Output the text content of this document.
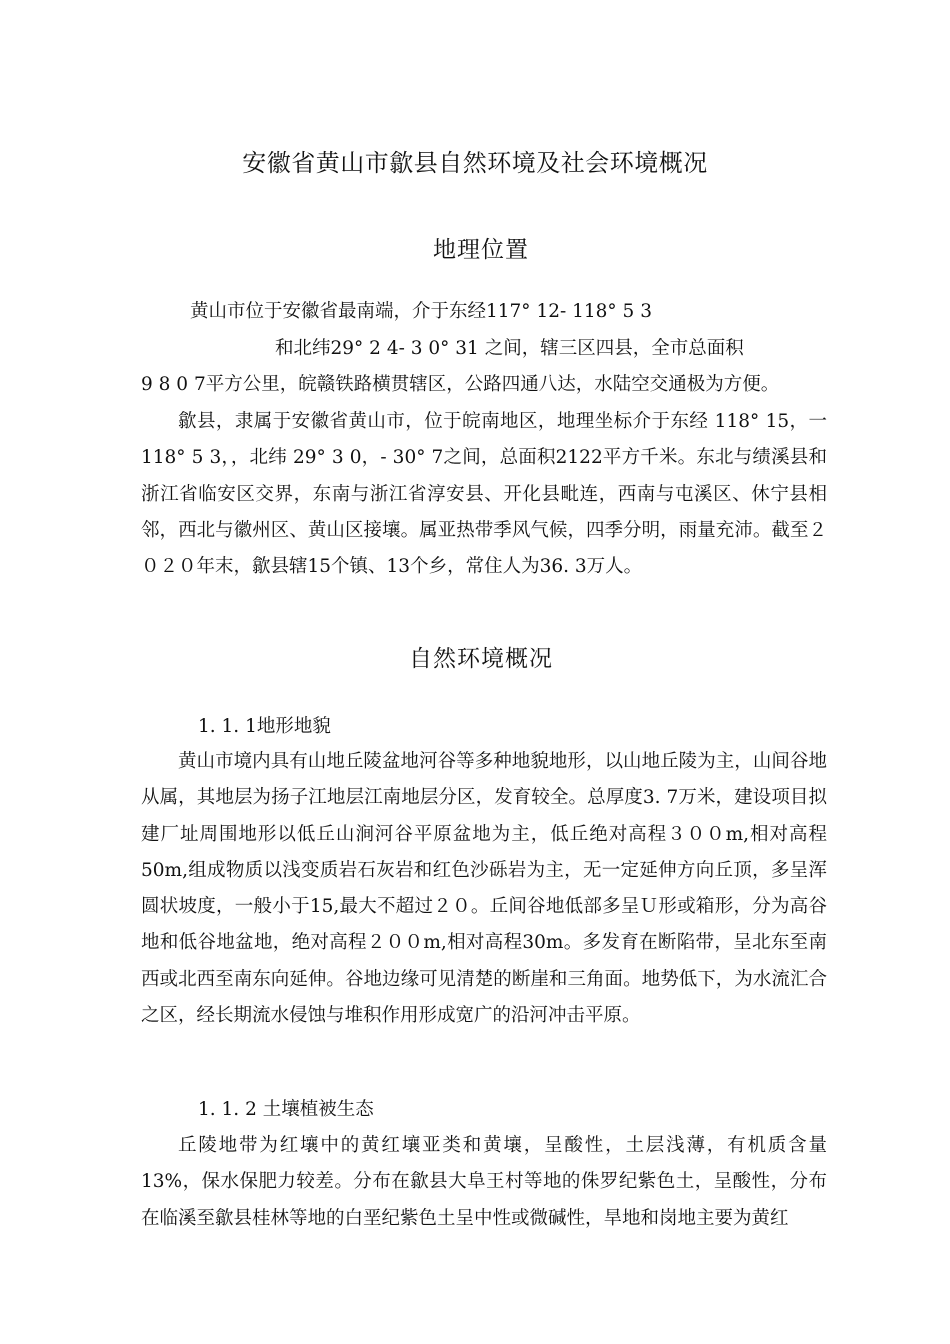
安徽省黄山市歙县自然环境及社会环境概况
地理位置
黄山市位于安徽省最南端，介于东经117° 12- 118° 5 3
和北纬29° 2 4- 3 0° 31 之间，辖三区四县，全市总面积
9 8 0 7平方公里，皖赣铁路横贯辖区，公路四通八达，水陆空交通极为方便。

歙县，隶属于安徽省黄山市，位于皖南地区，地理坐标介于东经 118° 15，一118° 5 3，，北纬 29° 3 0，- 30° 7之间，总面积2122平方千米。东北与绩溪县和浙江省临安区交界，东南与浙江省淳安县、开化县毗连，西南与屯溪区、休宁县相邻，西北与徽州区、黄山区接壤。属亚热带季风气候，四季分明，雨量充沛。截至２０２０年末，歙县辖15个镇、13个乡，常住人为36. 3万人。

自然环境概况
1. 1. 1地形地貌

黄山市境内具有山地丘陵盆地河谷等多种地貌地形，以山地丘陵为主，山间谷地从属，其地层为扬子江地层江南地层分区，发育较全。总厚度3. 7万米，建设项目拟建厂址周围地形以低丘山涧河谷平原盆地为主，低丘绝对高程３００m,相对高程50m,组成物质以浅变质岩石灰岩和红色沙砾岩为主，无一定延伸方向丘顶，多呈浑圆状坡度，一般小于15,最大不超过２０。丘间谷地低部多呈Ｕ形或箱形，分为高谷地和低谷地盆地，绝对高程２００m,相对高程30m。多发育在断陷带，呈北东至南西或北西至南东向延伸。谷地边缘可见清楚的断崖和三角面。地势低下，为水流汇合之区，经长期流水侵蚀与堆积作用形成宽广的沿河冲击平原。

1. 1. 2 土壤植被生态

丘陵地带为红壤中的黄红壤亚类和黄壤，呈酸性，土层浅薄，有机质含量13%，保水保肥力较差。分布在歙县大阜王村等地的侏罗纪紫色土，呈酸性，分布在临溪至歙县桂林等地的白垩纪紫色土呈中性或微碱性，旱地和岗地主要为黄红
